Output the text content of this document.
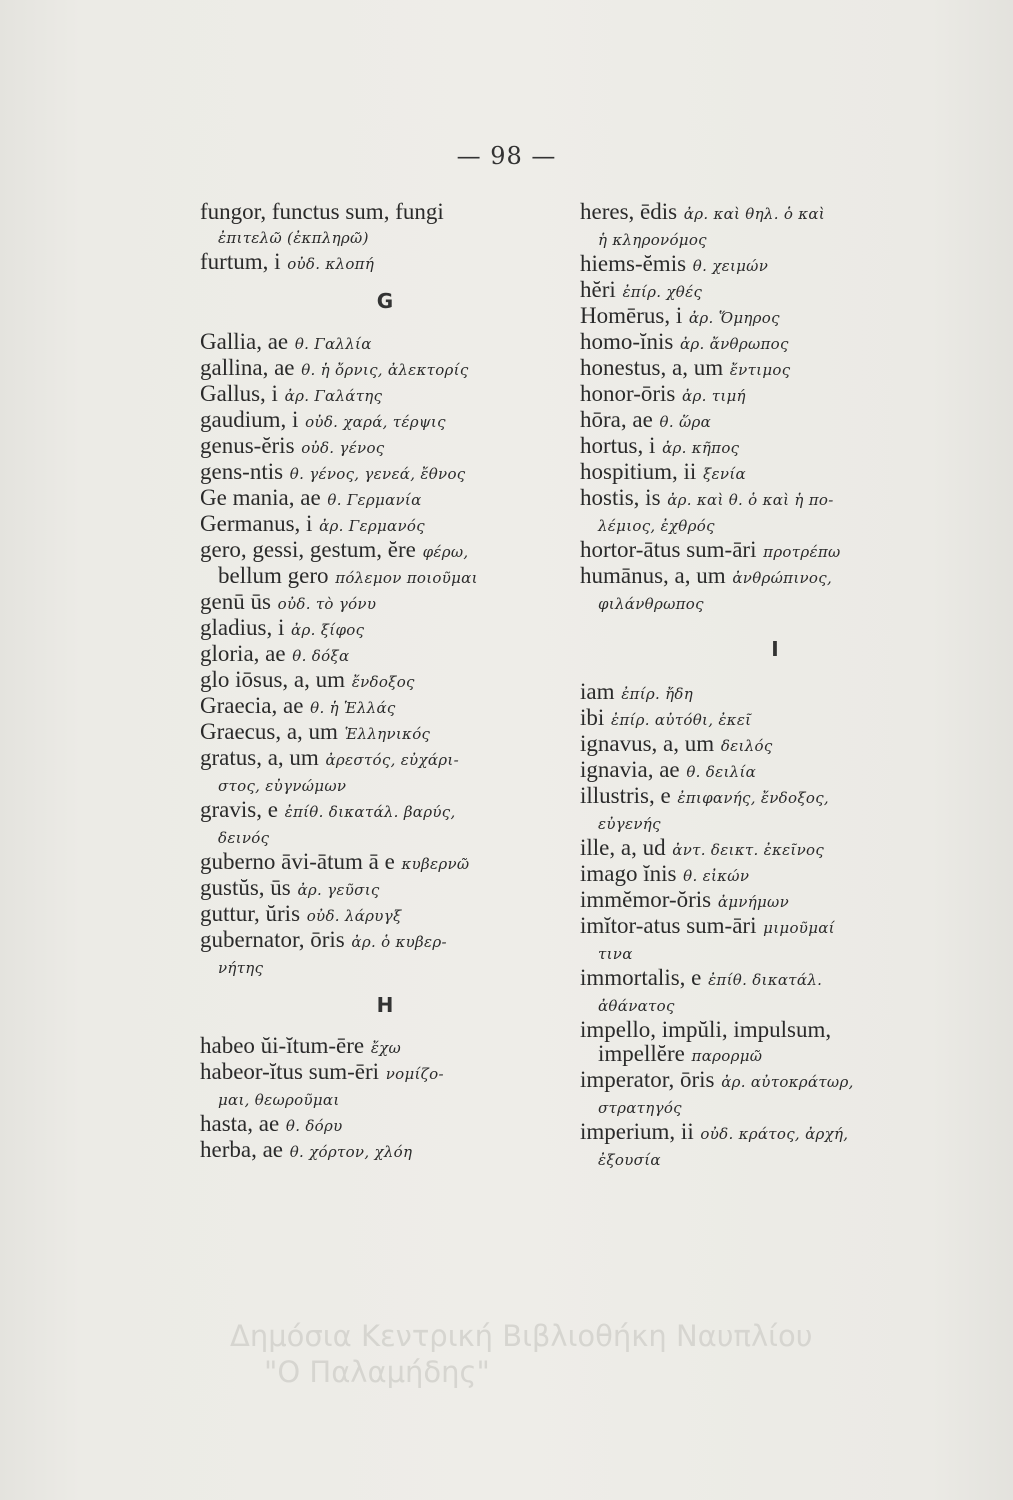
— 98 —
fungor, functus sum, fungi
ἐπιτελῶ (ἐκπληρῶ)
furtum, i οὐδ. κλοπή
G
Gallia, ae θ. Γαλλία
gallina, ae θ. ἡ ὄρνις, ἀλεκτορίς
Gallus, i ἀρ. Γαλάτης
gaudium, i οὐδ. χαρά, τέρψις
genus-ĕris οὐδ. γένος
gens-ntis θ. γένος, γενεά, ἔθνος
Ge mania, ae θ. Γερμανία
Germanus, i ἀρ. Γερμανός
gero, gessi, gestum, ĕre φέρω,
bellum gero πόλεμον ποιοῦμαι
genū ūs οὐδ. τὸ γόνυ
gladius, i ἀρ. ξίφος
gloria, ae θ. δόξα
glo iōsus, a, um ἔνδοξος
Graecia, ae θ. ἡ Ἑλλάς
Graecus, a, um Ἑλληνικός
gratus, a, um ἀρεστός, εὐχάρι-
στος, εὐγνώμων
gravis, e ἐπίθ. δικατάλ. βαρύς,
δεινός
guberno āvi-ātum ā e κυβερνῶ
gustŭs, ūs ἀρ. γεῦσις
guttur, ŭris οὐδ. λάρυγξ
gubernator, ōris ἀρ. ὁ κυβερ-
νήτης
H
habeo ŭi-ĭtum-ēre ἔχω
habeor-ĭtus sum-ēri νομίζο-
μαι, θεωροῦμαι
hasta, ae θ. δόρυ
herba, ae θ. χόρτον, χλόη
heres, ēdis ἀρ. καὶ θηλ. ὁ καὶ
ἡ κληρονόμος
hiems-ĕmis θ. χειμών
hĕri ἐπίρ. χθές
Homērus, i ἀρ. Ὅμηρος
homo-ĭnis ἀρ. ἄνθρωπος
honestus, a, um ἔντιμος
honor-ōris ἀρ. τιμή
hōra, ae θ. ὥρα
hortus, i ἀρ. κῆπος
hospitium, ii ξενία
hostis, is ἀρ. καὶ θ. ὁ καὶ ἡ πο-
λέμιος, ἐχθρός
hortor-ātus sum-āri προτρέπω
humānus, a, um ἀνθρώπινος,
φιλάνθρωπος
I
iam ἐπίρ. ἤδη
ibi ἐπίρ. αὐτόθι, ἐκεῖ
ignavus, a, um δειλός
ignavia, ae θ. δειλία
illustris, e ἐπιφανής, ἔνδοξος,
εὐγενής
ille, a, ud ἀντ. δεικτ. ἐκεῖνος
imago ĭnis θ. εἰκών
immĕmor-ŏris ἀμνήμων
imĭtor-atus sum-āri μιμοῦμαί
τινα
immortalis, e ἐπίθ. δικατάλ.
ἀθάνατος
impello, impŭli, impulsum,
impellĕre παρορμῶ
imperator, ōris ἀρ. αὐτοκράτωρ,
στρατηγός
imperium, ii οὐδ. κράτος, ἀρχή,
ἐξουσία
Δημόσια Κεντρική Βιβλιοθήκη Ναυπλίου
"Ο Παλαμήδης"
